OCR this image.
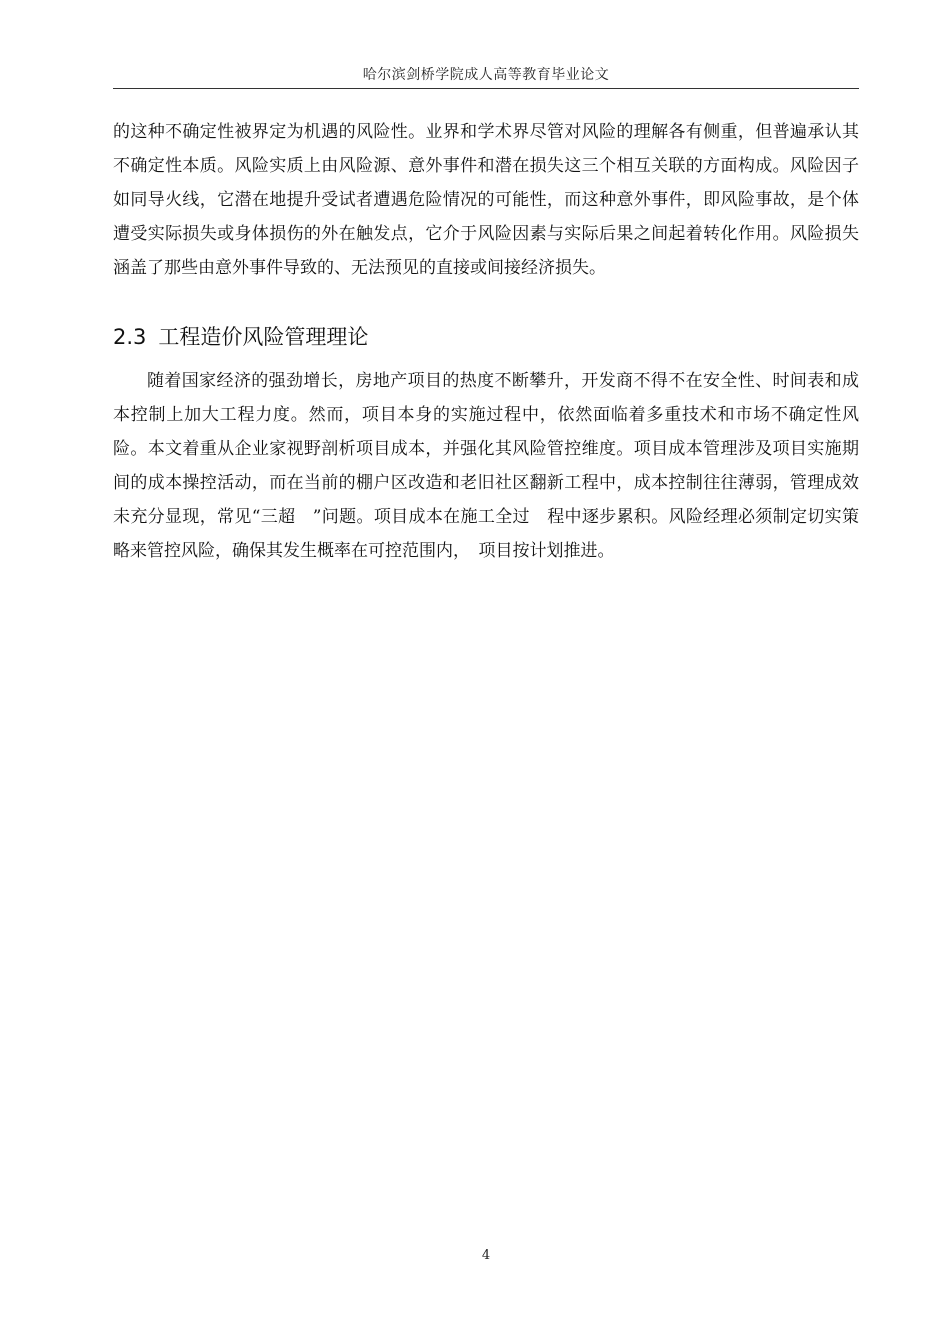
哈尔滨剑桥学院成人高等教育毕业论文

的这种不确定性被界定为机遇的风险性。业界和学术界尽管对风险的理解各有侧重，但普遍承认其不确定性本质。风险实质上由风险源、意外事件和潜在损失这三个相互关联的方面构成。风险因子如同导火线，它潜在地提升受试者遭遇危险情况的可能性，而这种意外事件，即风险事故，是个体遭受实际损失或身体损伤的外在触发点，它介于风险因素与实际后果之间起着转化作用。风险损失涵盖了那些由意外事件导致的、无法预见的直接或间接经济损失。

2.3 工程造价风险管理理论

随着国家经济的强劲增长，房地产项目的热度不断攀升，开发商不得不在安全性、时间表和成本控制上加大工程力度。然而，项目本身的实施过程中，依然面临着多重技术和市场不确定性风险。本文着重从企业家视野剖析项目成本，并强化其风险管控维度。项目成本管理涉及项目实施期间的成本操控活动，而在当前的棚户区改造和老旧社区翻新工程中，成本控制往往薄弱，管理成效未充分显现，常见“三超　”问题。项目成本在施工全过　程中逐步累积。风险经理必须制定切实策略来管控风险，确保其发生概率在可控范围内，　项目按计划推进。

4
